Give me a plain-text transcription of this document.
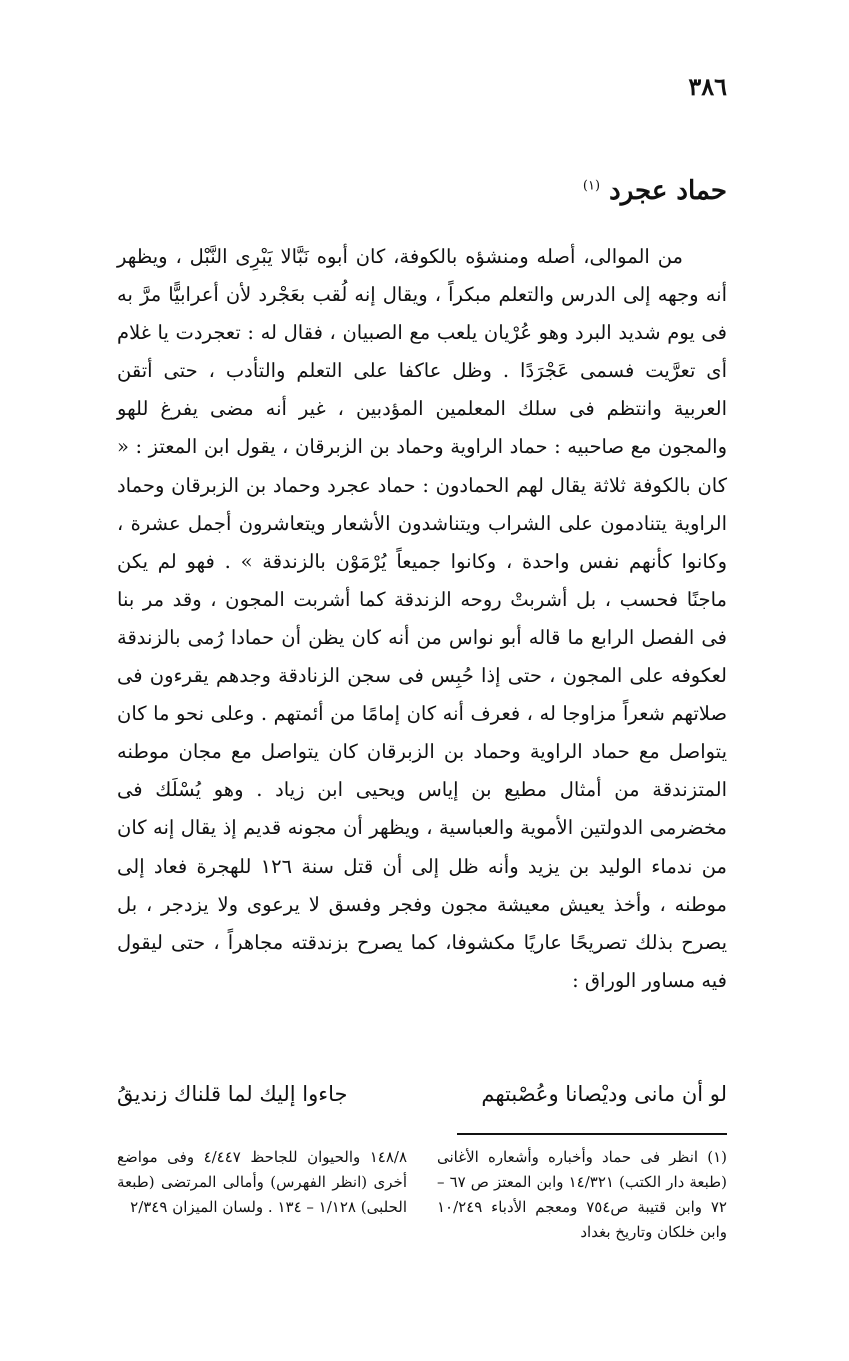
٣٨٦
حماد عجرد $^{(١)}$

من الموالى، أصله ومنشؤه بالكوفة، كان أبوه نَبَّالا يَبْرِى النَّبْل ، ويظهر أنه وجهه إلى الدرس والتعلم مبكراً ، ويقال إنه لُقب بعَجْرد لأن أعرابيًّا مرَّ به فى يوم شديد البرد وهو عُرْيان يلعب مع الصبيان ، فقال له : تعجردت يا غلام أى تعرَّيت فسمى عَجْرَدًا . وظل عاكفا على التعلم والتأدب ، حتى أتقن العربية وانتظم فى سلك المعلمين المؤدبين ، غير أنه مضى يفرغ للهو والمجون مع صاحبيه : حماد الراوية وحماد بن الزبرقان ، يقول ابن المعتز : « كان بالكوفة ثلاثة يقال لهم الحمادون : حماد عجرد وحماد بن الزبرقان وحماد الراوية يتنادمون على الشراب ويتناشدون الأشعار ويتعاشرون أجمل عشرة ، وكانوا كأنهم نفس واحدة ، وكانوا جميعاً يُرْمَوْن بالزندقة » . فهو لم يكن ماجنًا فحسب ، بل أشربتْ روحه الزندقة كما أشربت المجون ، وقد مر بنا فى الفصل الرابع ما قاله أبو نواس من أنه كان يظن أن حمادا رُمى بالزندقة لعكوفه على المجون ، حتى إذا حُبِس فى سجن الزنادقة وجدهم يقرءون فى صلاتهم شعراً مزاوجا له ، فعرف أنه كان إمامًا من أئمتهم . وعلى نحو ما كان يتواصل مع حماد الراوية وحماد بن الزبرقان كان يتواصل مع مجان موطنه المتزندقة من أمثال مطيع بن إياس ويحيى ابن زياد . وهو يُسْلَك فى مخضرمى الدولتين الأموية والعباسية ، ويظهر أن مجونه قديم إذ يقال إنه كان من ندماء الوليد بن يزيد وأنه ظل إلى أن قتل سنة ١٢٦ للهجرة فعاد إلى موطنه ، وأخذ يعيش معيشة مجون وفجر وفسق لا يرعوى ولا يزدجر ، بل يصرح بذلك تصريحًا عاريًا مكشوفا، كما يصرح بزندقته مجاهراً ، حتى ليقول فيه مساور الوراق :

لو أن مانى وديْصانا وعُصْبتهم
جاءوا إليك لما قلناك زنديقُ
(١) انظر فى حماد وأخباره وأشعاره الأغانى (طبعة دار الكتب) ١٤/٣٢١ وابن المعتز ص ٦٧ – ٧٢ وابن قتيبة ص٧٥٤ ومعجم الأدباء ١٠/٢٤٩ وابن خلكان وتاريخ بغداد
١٤٨/٨ والحيوان للجاحظ ٤/٤٤٧ وفى مواضع أخرى (انظر الفهرس) وأمالى المرتضى (طبعة الحلبى) ١/١٢٨ – ١٣٤ . ولسان الميزان ٢/٣٤٩
